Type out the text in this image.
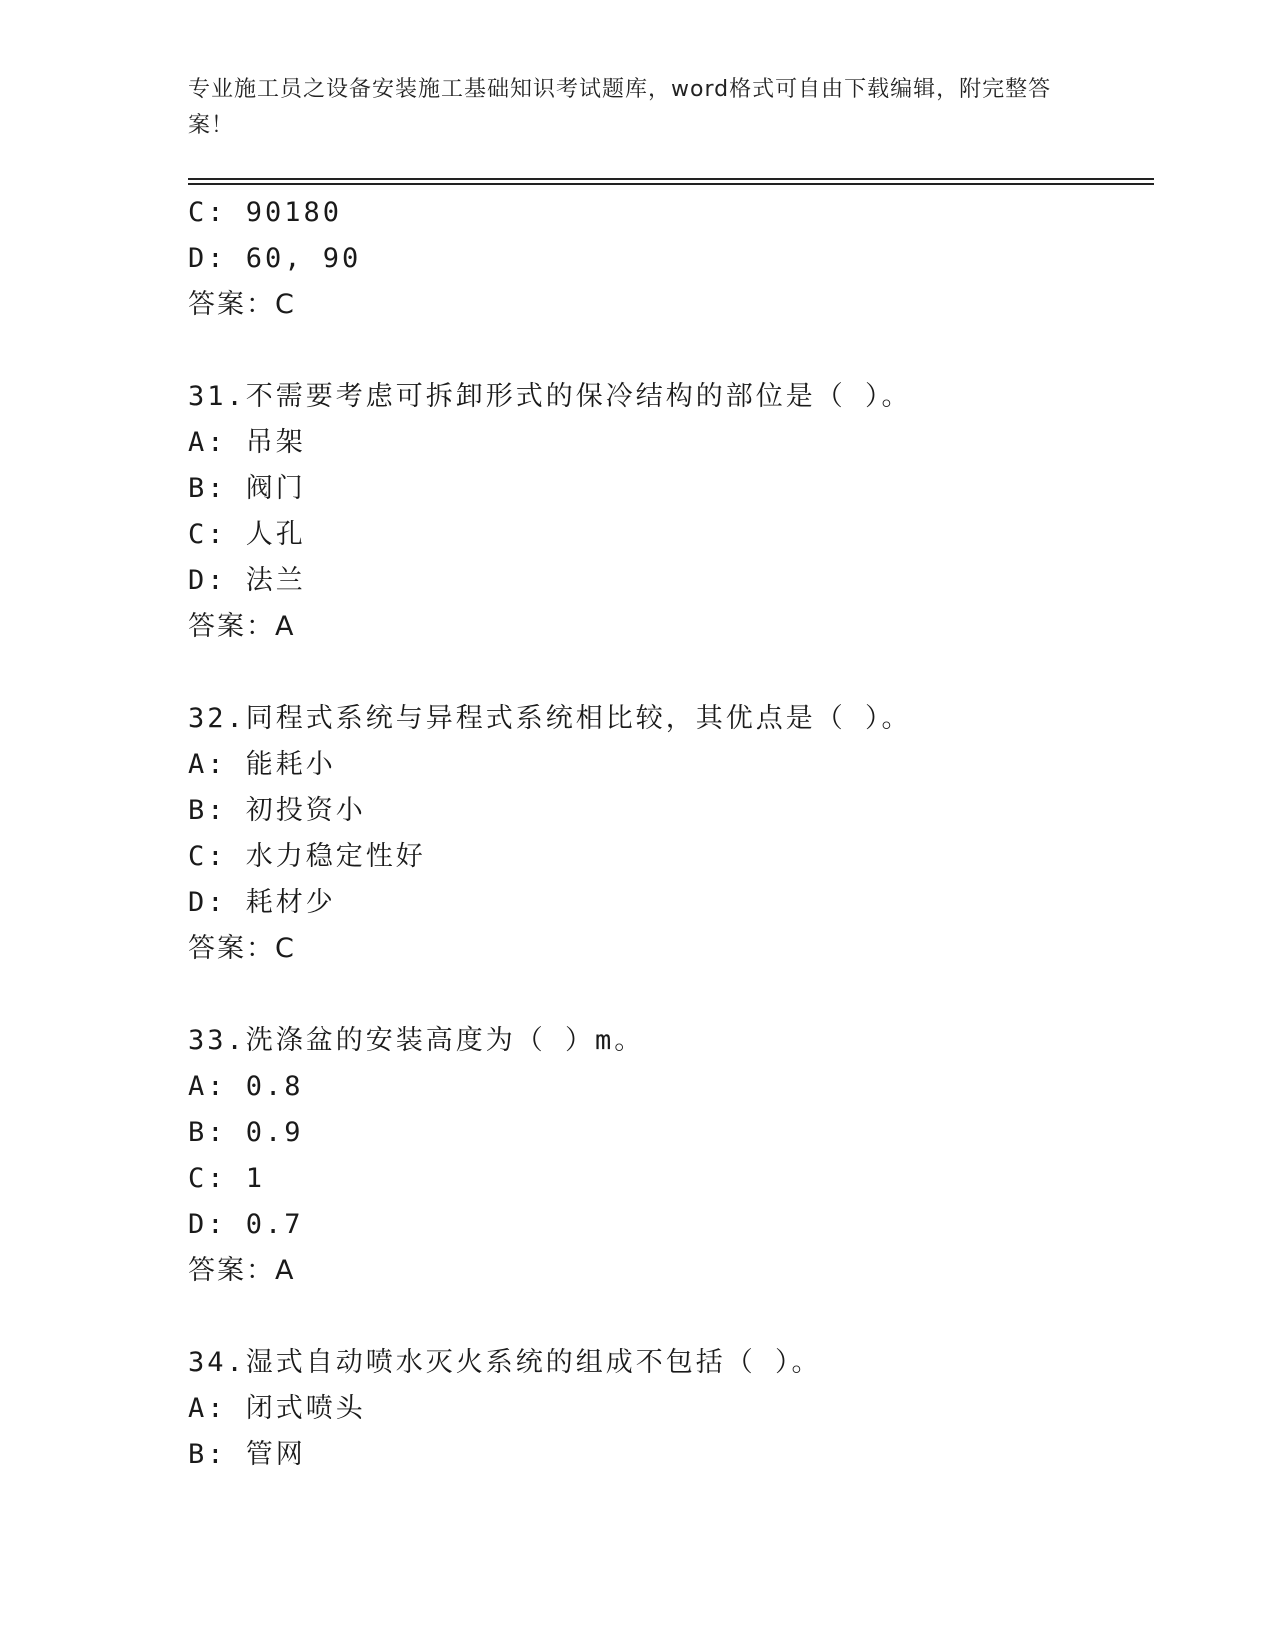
专业施工员之设备安装施工基础知识考试题库，word格式可自由下载编辑，附完整答案！
C: 90180
D: 60, 90
答案：C
31.不需要考虑可拆卸形式的保冷结构的部位是（ ）。
A: 吊架
B: 阀门
C: 人孔
D: 法兰
答案：A
32.同程式系统与异程式系统相比较，其优点是（ ）。
A: 能耗小
B: 初投资小
C: 水力稳定性好
D: 耗材少
答案：C
33.洗涤盆的安装高度为（ ）m。
A: 0.8
B: 0.9
C: 1
D: 0.7
答案：A
34.湿式自动喷水灭火系统的组成不包括（ ）。
A: 闭式喷头
B: 管网
